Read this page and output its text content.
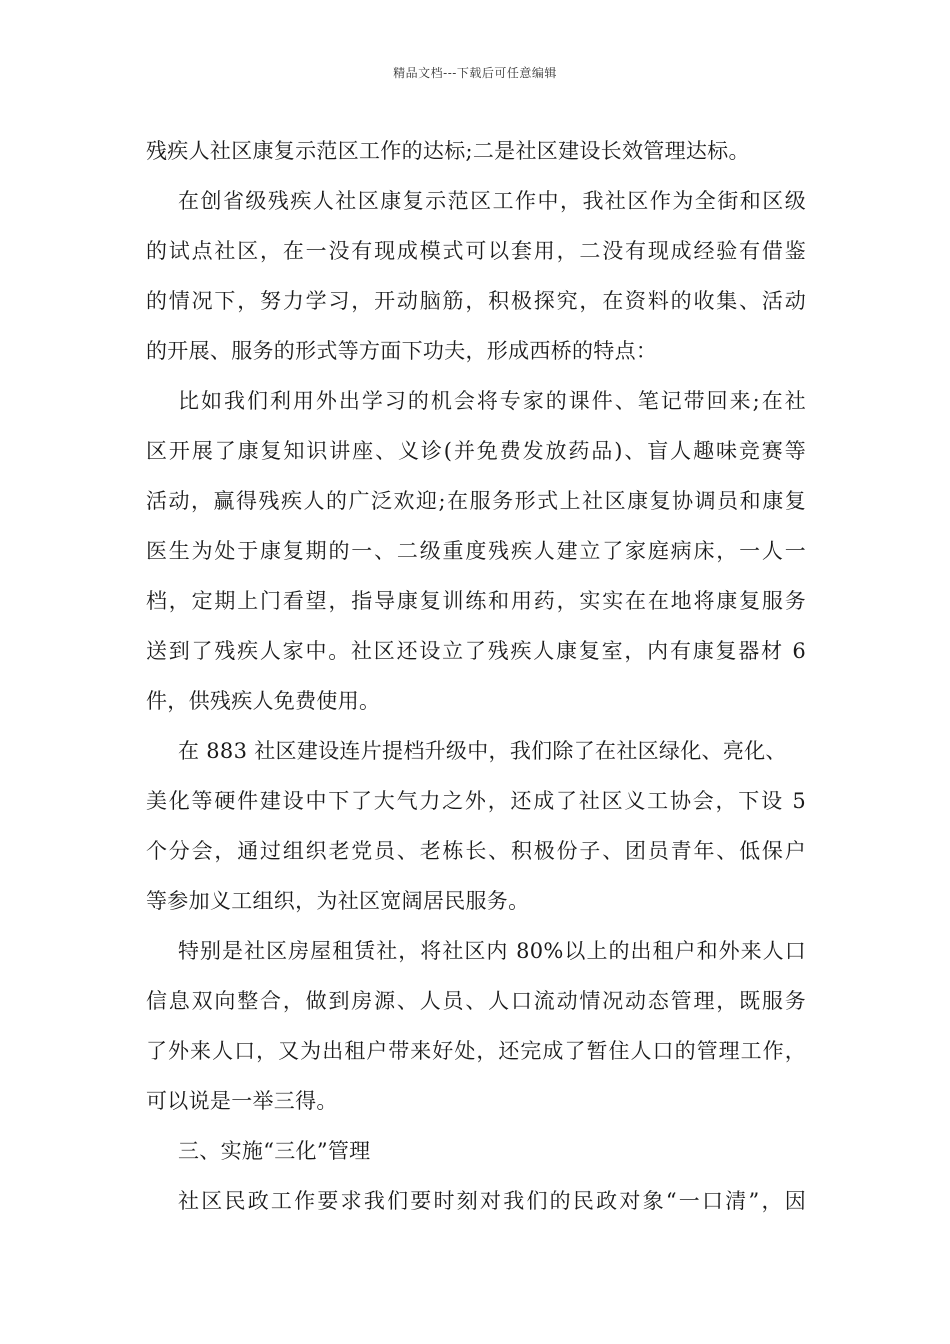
精品文档---下载后可任意编辑
残疾人社区康复示范区工作的达标;二是社区建设长效管理达标。
在创省级残疾人社区康复示范区工作中，我社区作为全街和区级
的试点社区，在一没有现成模式可以套用，二没有现成经验有借鉴
的情况下，努力学习，开动脑筋，积极探究，在资料的收集、活动
的开展、服务的形式等方面下功夫，形成西桥的特点：
比如我们利用外出学习的机会将专家的课件、笔记带回来;在社
区开展了康复知识讲座、义诊(并免费发放药品)、盲人趣味竞赛等
活动，赢得残疾人的广泛欢迎;在服务形式上社区康复协调员和康复
医生为处于康复期的一、二级重度残疾人建立了家庭病床，一人一
档，定期上门看望，指导康复训练和用药，实实在在地将康复服务
送到了残疾人家中。社区还设立了残疾人康复室，内有康复器材 6
件，供残疾人免费使用。
在 883 社区建设连片提档升级中，我们除了在社区绿化、亮化、
美化等硬件建设中下了大气力之外，还成了社区义工协会，下设 5
个分会，通过组织老党员、老栋长、积极份子、团员青年、低保户
等参加义工组织，为社区宽阔居民服务。
特别是社区房屋租赁社，将社区内 80%以上的出租户和外来人口
信息双向整合，做到房源、人员、人口流动情况动态管理，既服务
了外来人口，又为出租户带来好处，还完成了暂住人口的管理工作，
可以说是一举三得。
三、实施“三化”管理
社区民政工作要求我们要时刻对我们的民政对象“一口清”，因
